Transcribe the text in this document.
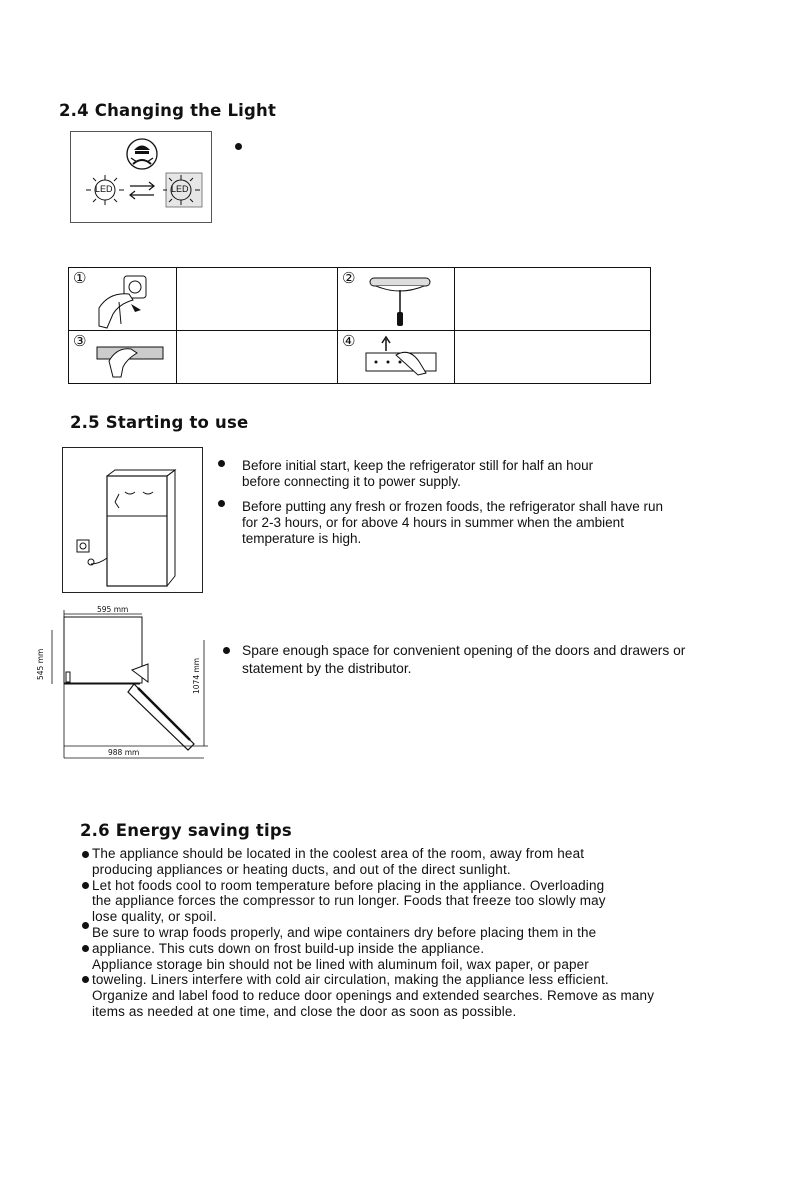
2.4 Changing the Light
LED	LED
①		②	

③		④	

2.5 Starting to use
Before initial start, keep the refrigerator still for half an hour
before connecting it to power supply.
Before putting any fresh or frozen foods, the refrigerator shall have run
for 2-3 hours, or for above 4 hours in summer when the ambient
temperature is high.
595 mm
545 mm	1074 mm
988 mm
Spare enough space for convenient opening of the doors and drawers or
statement by the distributor.
2.6 Energy saving tips
The appliance should be located in the coolest area of the room, away from heat
producing appliances or heating ducts, and out of the direct sunlight.
Let hot foods cool to room temperature before placing in the appliance. Overloading
the appliance forces the compressor to run longer. Foods that freeze too slowly may
lose quality, or spoil.
Be sure to wrap foods properly, and wipe containers dry before placing them in the
appliance. This cuts down on frost build-up inside the appliance.
Appliance storage bin should not be lined with aluminum foil, wax paper, or paper
toweling. Liners interfere with cold air circulation, making the appliance less efficient.
Organize and label food to reduce door openings and extended searches. Remove as many
items as needed at one time, and close the door as soon as possible.
